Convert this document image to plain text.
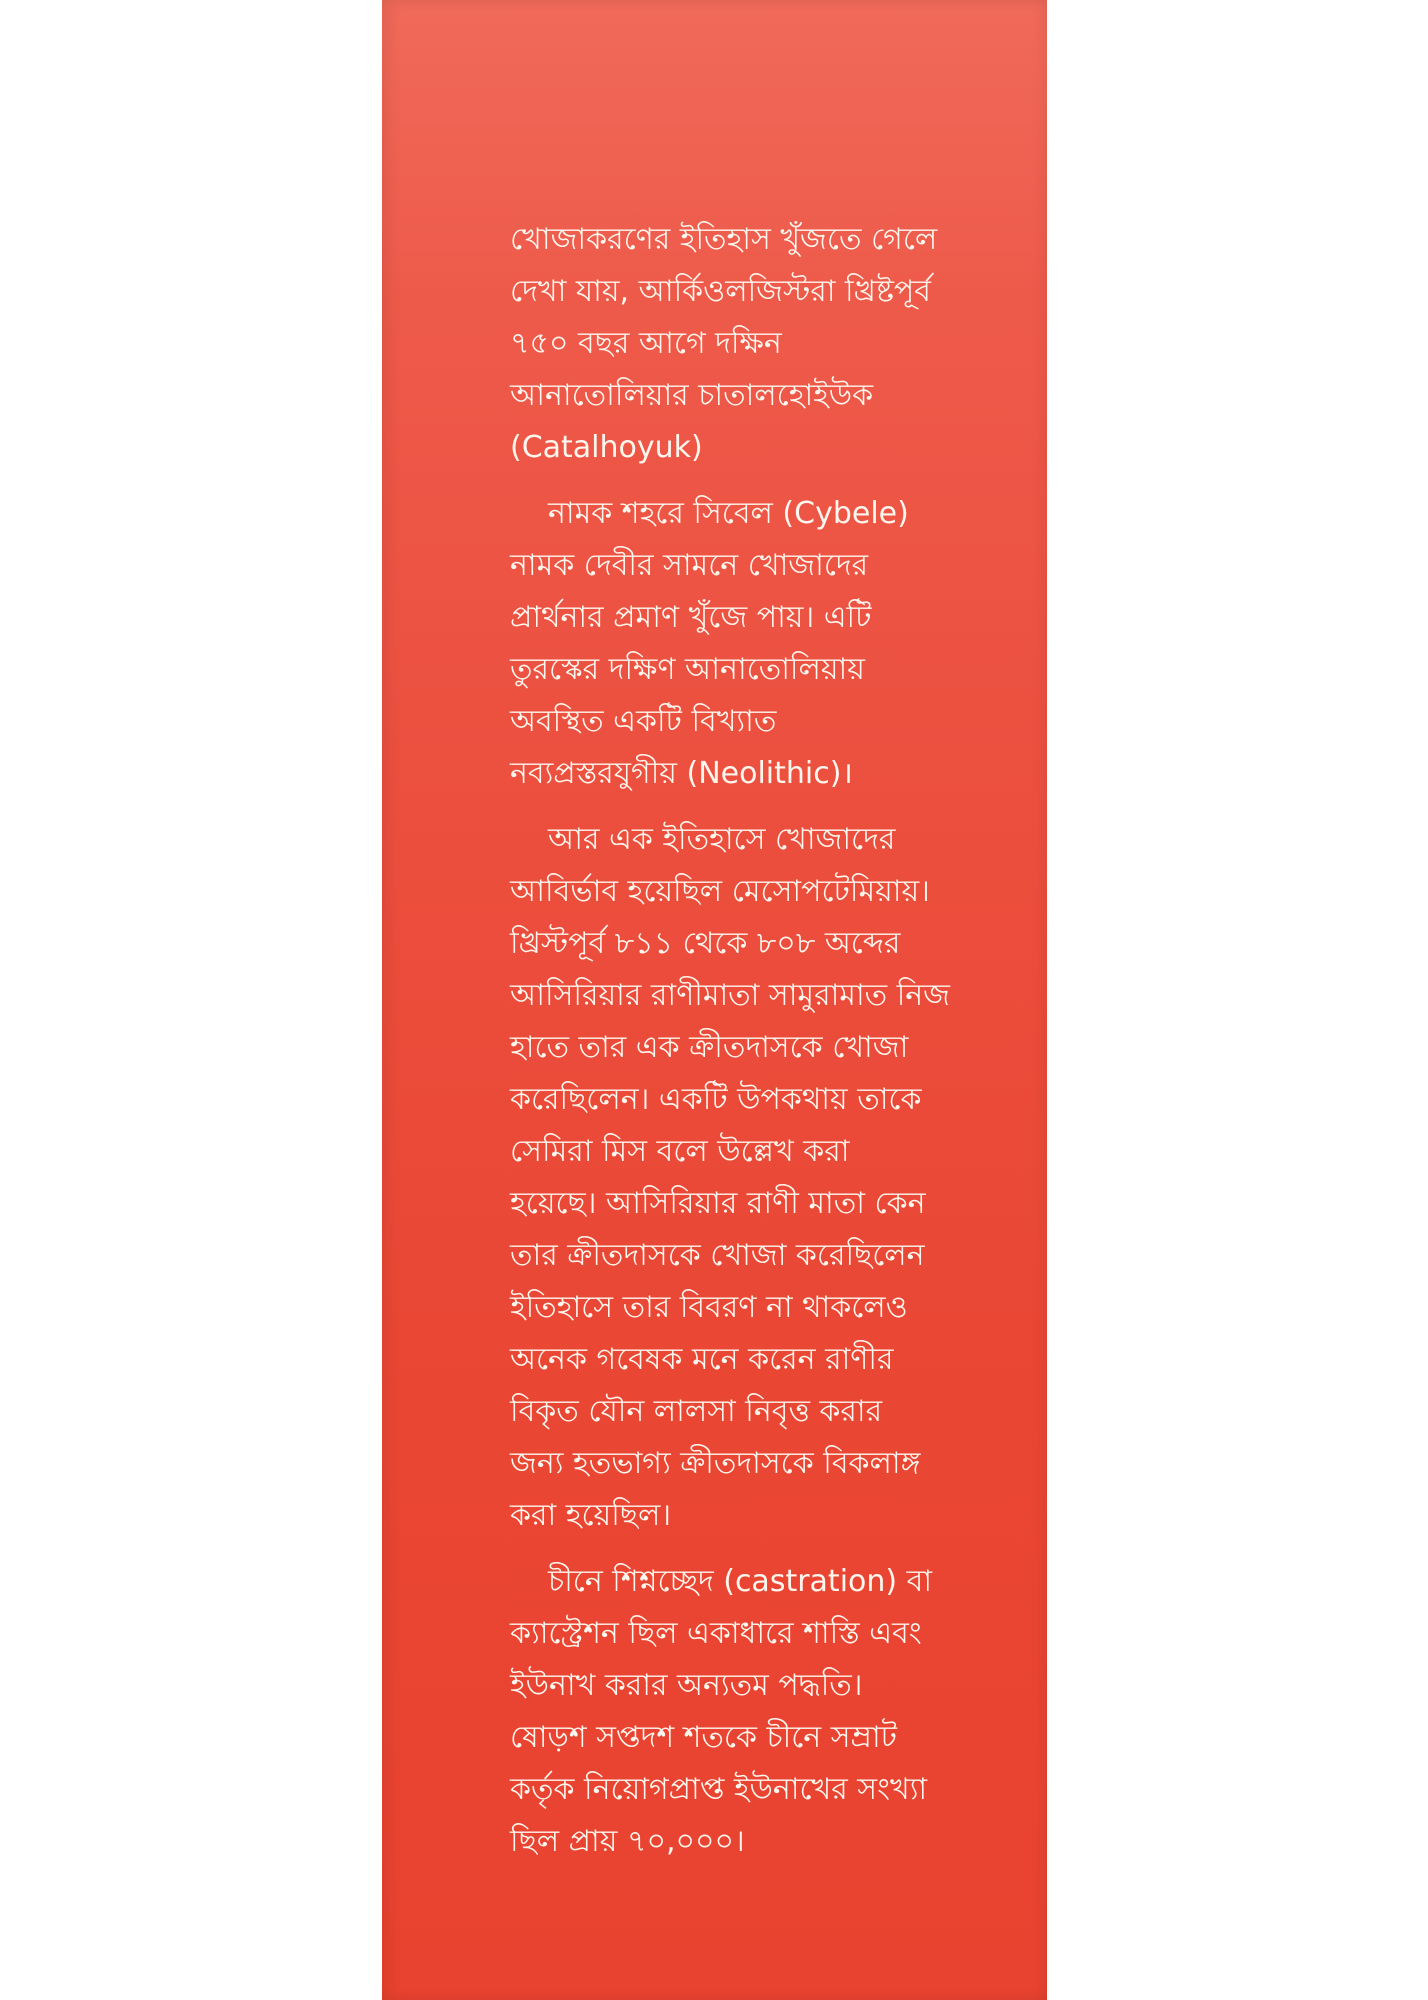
খোজাকরণের ইতিহাস খুঁজতে গেলে
দেখা যায়, আর্কিওলজিস্টরা খ্রিষ্টপূর্ব
৭৫০ বছর আগে দক্ষিন
আনাতোলিয়ার চাতালহোইউক
(Catalhoyuk)

নামক শহরে সিবেল (Cybele)
নামক দেবীর সামনে খোজাদের
প্রার্থনার প্রমাণ খুঁজে পায়। এটি
তুরস্কের দক্ষিণ আনাতোলিয়ায়
অবস্থিত একটি বিখ্যাত
নব্যপ্রস্তরযুগীয় (Neolithic)।

আর এক ইতিহাসে খোজাদের
আবির্ভাব হয়েছিল মেসোপটেমিয়ায়।
খ্রিস্টপূর্ব ৮১১ থেকে ৮০৮ অব্দের
আসিরিয়ার রাণীমাতা সামুরামাত নিজ
হাতে তার এক ক্রীতদাসকে খোজা
করেছিলেন। একটি উপকথায় তাকে
সেমিরা মিস বলে উল্লেখ করা
হয়েছে। আসিরিয়ার রাণী মাতা কেন
তার ক্রীতদাসকে খোজা করেছিলেন
ইতিহাসে তার বিবরণ না থাকলেও
অনেক গবেষক মনে করেন রাণীর
বিকৃত যৌন লালসা নিবৃত্ত করার
জন্য হতভাগ্য ক্রীতদাসকে বিকলাঙ্গ
করা হয়েছিল।

চীনে শিশ্নচ্ছেদ (castration) বা
ক্যাস্ট্রেশন ছিল একাধারে শাস্তি এবং
ইউনাখ করার অন্যতম পদ্ধতি।
ষোড়শ সপ্তদশ শতকে চীনে সম্রাট
কর্তৃক নিয়োগপ্রাপ্ত ইউনাখের সংখ্যা
ছিল প্রায় ৭০,০০০।
